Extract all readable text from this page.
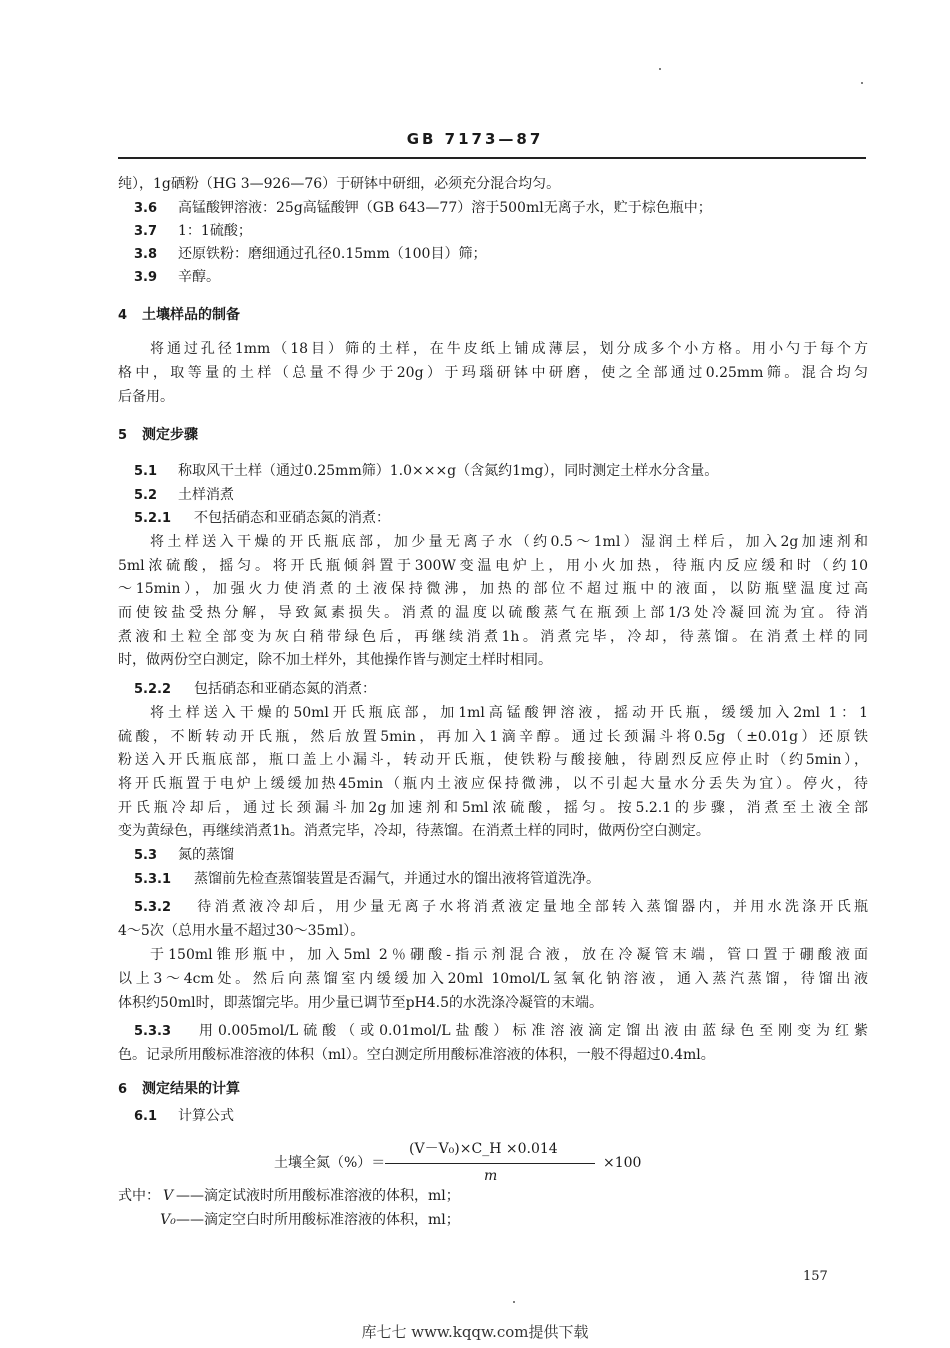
GB 7173—87
纯），1g硒粉（HG 3—926—76）于研钵中研细，必须充分混合均匀。
3.6 高锰酸钾溶液：25g高锰酸钾（GB 643—77）溶于500ml无离子水，贮于棕色瓶中；
3.7 1：1硫酸；
3.8 还原铁粉：磨细通过孔径0.15mm（100目）筛；
3.9 辛醇。
4 土壤样品的制备
将通过孔径1mm（18目）筛的土样，在牛皮纸上铺成薄层，划分成多个小方格。用小勺于每个方
格中，取等量的土样（总量不得少于20g）于玛瑙研钵中研磨，使之全部通过0.25mm筛。混合均匀
后备用。
5 测定步骤
5.1 称取风干土样（通过0.25mm筛）1.0×××g（含氮约1mg），同时测定土样水分含量。
5.2 土样消煮
5.2.1 不包括硝态和亚硝态氮的消煮：
将土样送入干燥的开氏瓶底部，加少量无离子水（约0.5～1ml）湿润土样后，加入2g加速剂和
5ml浓硫酸，摇匀。将开氏瓶倾斜置于300W变温电炉上，用小火加热，待瓶内反应缓和时（约10
～15min），加强火力使消煮的土液保持微沸，加热的部位不超过瓶中的液面，以防瓶壁温度过高
而使铵盐受热分解，导致氮素损失。消煮的温度以硫酸蒸气在瓶颈上部1/3处冷凝回流为宜。待消
煮液和土粒全部变为灰白稍带绿色后，再继续消煮1h。消煮完毕，冷却，待蒸馏。在消煮土样的同
时，做两份空白测定，除不加土样外，其他操作皆与测定土样时相同。
5.2.2 包括硝态和亚硝态氮的消煮：
将土样送入干燥的50ml开氏瓶底部，加1ml高锰酸钾溶液，摇动开氏瓶，缓缓加入2ml 1：1
硫酸，不断转动开氏瓶，然后放置5min，再加入1滴辛醇。通过长颈漏斗将0.5g（±0.01g）还原铁
粉送入开氏瓶底部，瓶口盖上小漏斗，转动开氏瓶，使铁粉与酸接触，待剧烈反应停止时（约5min），
将开氏瓶置于电炉上缓缓加热45min（瓶内土液应保持微沸，以不引起大量水分丢失为宜）。停火，待
开氏瓶冷却后，通过长颈漏斗加2g加速剂和5ml浓硫酸，摇匀。按5.2.1的步骤，消煮至土液全部
变为黄绿色，再继续消煮1h。消煮完毕，冷却，待蒸馏。在消煮土样的同时，做两份空白测定。
5.3 氮的蒸馏
5.3.1 蒸馏前先检查蒸馏装置是否漏气，并通过水的馏出液将管道洗净。
5.3.2 待消煮液冷却后，用少量无离子水将消煮液定量地全部转入蒸馏器内，并用水洗涤开氏瓶
4～5次（总用水量不超过30～35ml）。
于150ml锥形瓶中，加入5ml 2％硼酸-指示剂混合液，放在冷凝管末端，管口置于硼酸液面
以上3～4cm处。然后向蒸馏室内缓缓加入20ml 10mol/L氢氧化钠溶液，通入蒸汽蒸馏，待馏出液
体积约50ml时，即蒸馏完毕。用少量已调节至pH4.5的水洗涤冷凝管的末端。
5.3.3 用0.005mol/L硫酸（或0.01mol/L盐酸）标准溶液滴定馏出液由蓝绿色至刚变为红紫
色。记录所用酸标准溶液的体积（ml）。空白测定所用酸标准溶液的体积，一般不得超过0.4ml。
6 测定结果的计算
6.1 计算公式
土壤全氮（%）＝
(V－V₀)×C_H ×0.014
m
×100
式中： V ——滴定试液时所用酸标准溶液的体积，ml；
V₀——滴定空白时所用酸标准溶液的体积，ml；
157
库七七 www.kqqw.com提供下载
